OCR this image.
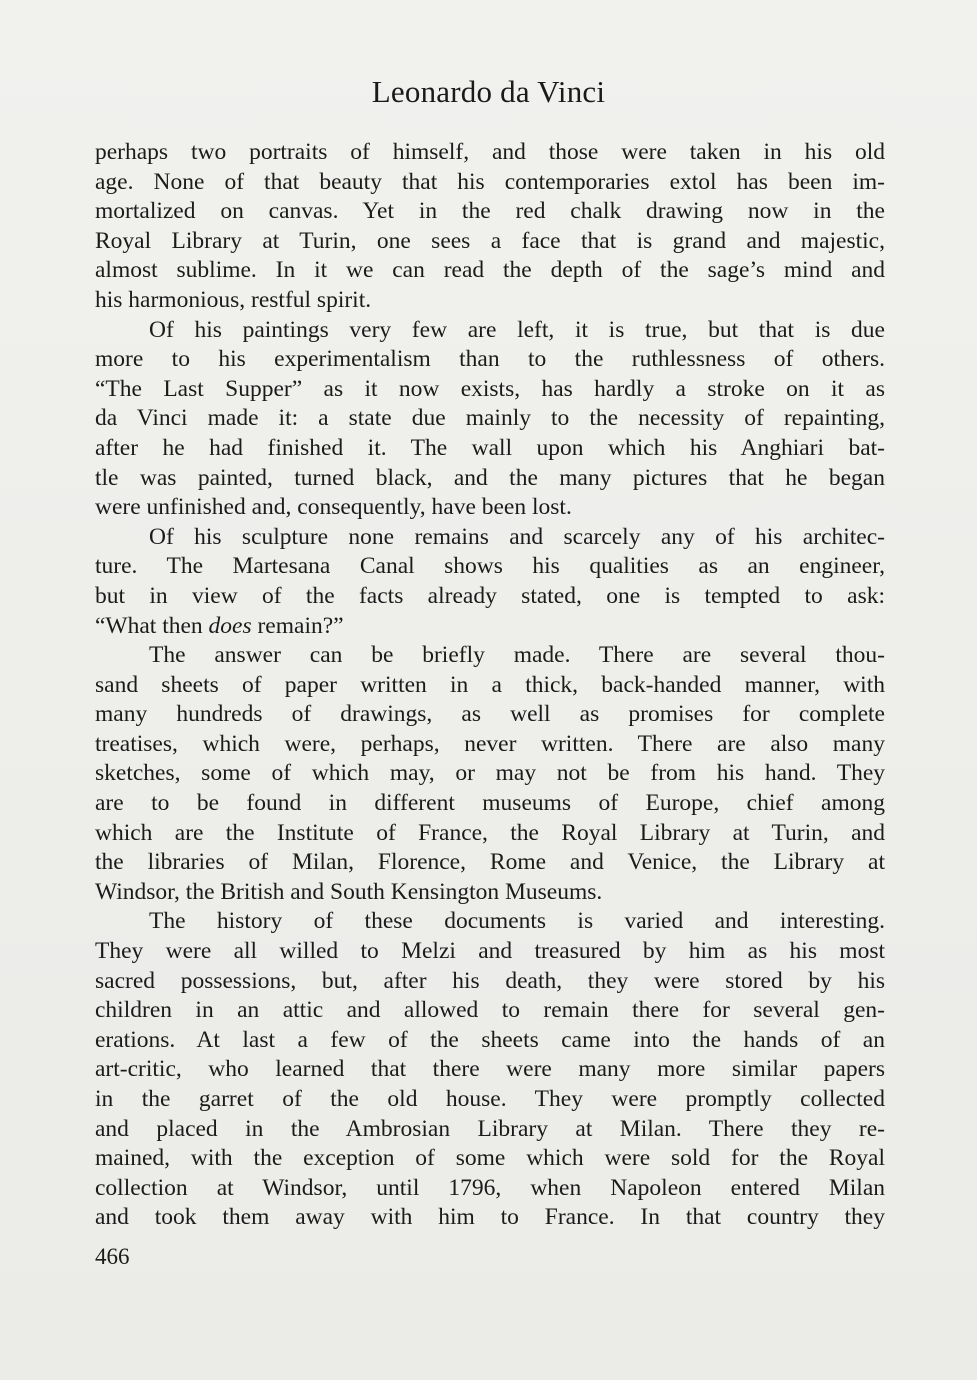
Leonardo da Vinci
perhaps two portraits of himself, and those were taken in his old
age. None of that beauty that his contemporaries extol has been im-
mortalized on canvas. Yet in the red chalk drawing now in the
Royal Library at Turin, one sees a face that is grand and majestic,
almost sublime. In it we can read the depth of the sage’s mind and
his harmonious, restful spirit.
Of his paintings very few are left, it is true, but that is due
more to his experimentalism than to the ruthlessness of others.
“The Last Supper” as it now exists, has hardly a stroke on it as
da Vinci made it: a state due mainly to the necessity of repainting,
after he had finished it. The wall upon which his Anghiari bat-
tle was painted, turned black, and the many pictures that he began
were unfinished and, consequently, have been lost.
Of his sculpture none remains and scarcely any of his architec-
ture. The Martesana Canal shows his qualities as an engineer,
but in view of the facts already stated, one is tempted to ask:
“What then does remain?”
The answer can be briefly made. There are several thou-
sand sheets of paper written in a thick, back-handed manner, with
many hundreds of drawings, as well as promises for complete
treatises, which were, perhaps, never written. There are also many
sketches, some of which may, or may not be from his hand. They
are to be found in different museums of Europe, chief among
which are the Institute of France, the Royal Library at Turin, and
the libraries of Milan, Florence, Rome and Venice, the Library at
Windsor, the British and South Kensington Museums.
The history of these documents is varied and interesting.
They were all willed to Melzi and treasured by him as his most
sacred possessions, but, after his death, they were stored by his
children in an attic and allowed to remain there for several gen-
erations. At last a few of the sheets came into the hands of an
art-critic, who learned that there were many more similar papers
in the garret of the old house. They were promptly collected
and placed in the Ambrosian Library at Milan. There they re-
mained, with the exception of some which were sold for the Royal
collection at Windsor, until 1796, when Napoleon entered Milan
and took them away with him to France. In that country they
466
